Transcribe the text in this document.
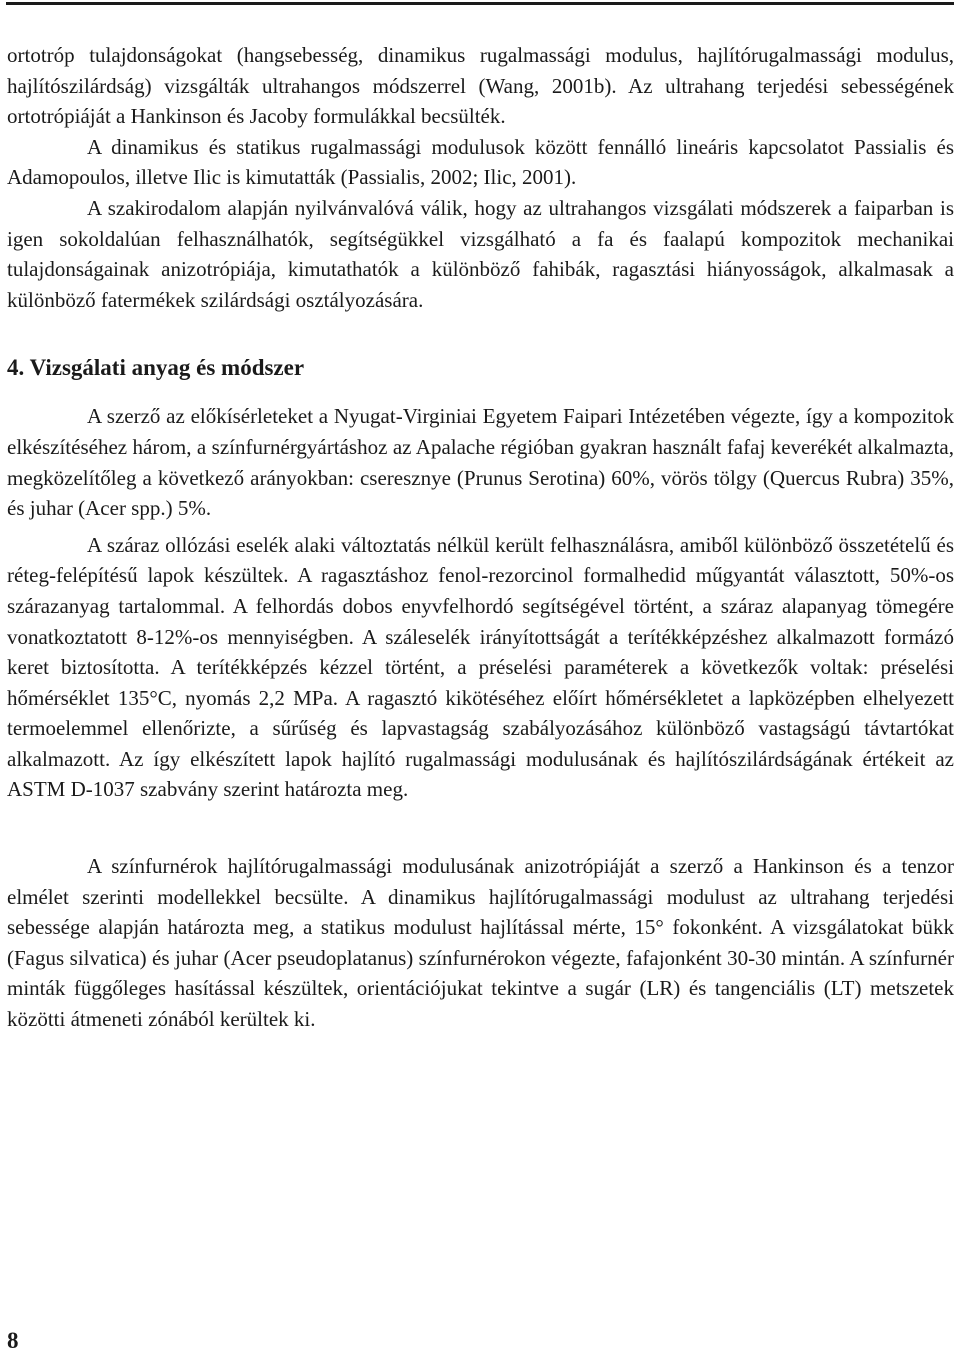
ortotróp tulajdonságokat (hangsebesség, dinamikus rugalmassági modulus, hajlítórugalmassági modulus, hajlítószilárdság) vizsgálták ultrahangos módszerrel (Wang, 2001b). Az ultrahang terjedési sebességének ortotrópiáját a Hankinson és Jacoby formulákkal becsülték.

A dinamikus és statikus rugalmassági modulusok között fennálló lineáris kapcsolatot Passialis és Adamopoulos, illetve Ilic is kimutatták (Passialis, 2002; Ilic, 2001).

A szakirodalom alapján nyilvánvalóvá válik, hogy az ultrahangos vizsgálati módszerek a faiparban is igen sokoldalúan felhasználhatók, segítségükkel vizsgálható a fa és faalapú kompozitok mechanikai tulajdonságainak anizotrópiája, kimutathatók a különböző fahibák, ragasztási hiányosságok, alkalmasak a különböző fatermékek szilárdsági osztályozására.

4. Vizsgálati anyag és módszer

A szerző az előkísérleteket a Nyugat-Virginiai Egyetem Faipari Intézetében végezte, így a kompozitok elkészítéséhez három, a színfurnérgyártáshoz az Apalache régióban gyakran használt fafaj keverékét alkalmazta, megközelítőleg a következő arányokban: cseresznye (Prunus Serotina) 60%, vörös tölgy (Quercus Rubra) 35%, és juhar (Acer spp.) 5%.

A száraz ollózási eselék alaki változtatás nélkül került felhasználásra, amiből különböző összetételű és réteg-felépítésű lapok készültek. A ragasztáshoz fenol-rezorcinol formalhedid műgyantát választott, 50%-os szárazanyag tartalommal. A felhordás dobos enyvfelhordó segítségével történt, a száraz alapanyag tömegére vonatkoztatott 8-12%-os mennyiségben. A száleselék irányítottságát a terítékképzéshez alkalmazott formázó keret biztosította. A terítékképzés kézzel történt, a préselési paraméterek a következők voltak: préselési hőmérséklet 135°C, nyomás 2,2 MPa. A ragasztó kikötéséhez előírt hőmérsékletet a lapközépben elhelyezett termoelemmel ellenőrizte, a sűrűség és lapvastagság szabályozásához különböző vastagságú távtartókat alkalmazott. Az így elkészített lapok hajlító rugalmassági modulusának és hajlítószilárdságának értékeit az ASTM D-1037 szabvány szerint határozta meg.

A színfurnérok hajlítórugalmassági modulusának anizotrópiáját a szerző a Hankinson és a tenzor elmélet szerinti modellekkel becsülte. A dinamikus hajlítórugalmassági modulust az ultrahang terjedési sebessége alapján határozta meg, a statikus modulust hajlítással mérte, 15° fokonként. A vizsgálatokat bükk (Fagus silvatica) és juhar (Acer pseudoplatanus) színfurnérokon végezte, fafajonként 30-30 mintán. A színfurnér minták függőleges hasítással készültek, orientációjukat tekintve a sugár (LR) és tangenciális (LT) metszetek közötti átmeneti zónából kerültek ki.

8
